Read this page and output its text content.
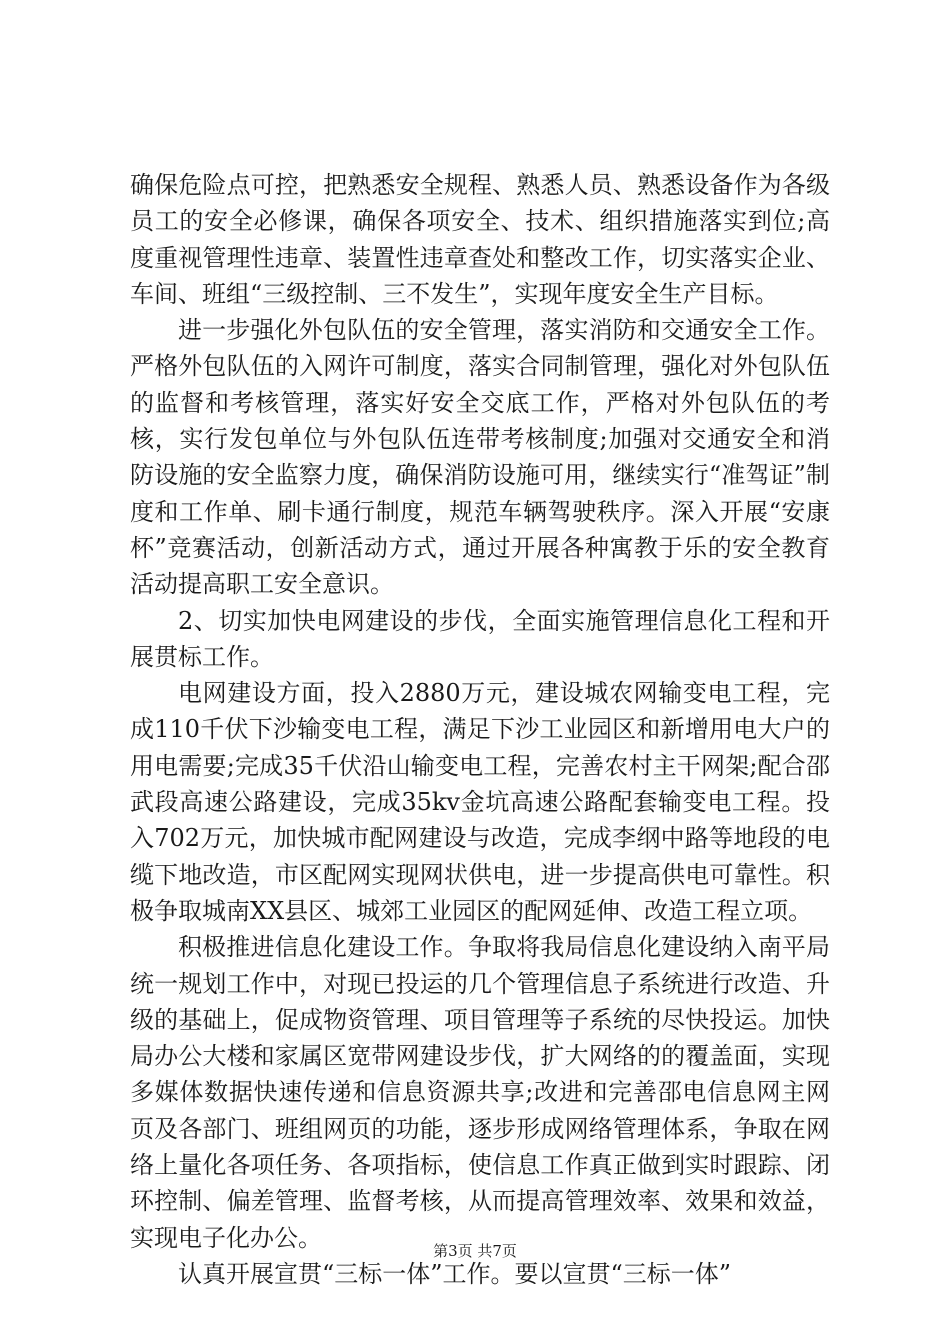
确保危险点可控，把熟悉安全规程、熟悉人员、熟悉设备作为各级员工的安全必修课，确保各项安全、技术、组织措施落实到位;高度重视管理性违章、装置性违章查处和整改工作，切实落实企业、车间、班组“三级控制、三不发生”，实现年度安全生产目标。

进一步强化外包队伍的安全管理，落实消防和交通安全工作。严格外包队伍的入网许可制度，落实合同制管理，强化对外包队伍的监督和考核管理，落实好安全交底工作，严格对外包队伍的考核，实行发包单位与外包队伍连带考核制度;加强对交通安全和消防设施的安全监察力度，确保消防设施可用，继续实行“准驾证”制度和工作单、刷卡通行制度，规范车辆驾驶秩序。深入开展“安康杯”竞赛活动，创新活动方式，通过开展各种寓教于乐的安全教育活动提高职工安全意识。

2、切实加快电网建设的步伐，全面实施管理信息化工程和开展贯标工作。

电网建设方面，投入2880万元，建设城农网输变电工程，完成110千伏下沙输变电工程，满足下沙工业园区和新增用电大户的用电需要;完成35千伏沿山输变电工程，完善农村主干网架;配合邵武段高速公路建设，完成35kv金坑高速公路配套输变电工程。投入702万元，加快城市配网建设与改造，完成李纲中路等地段的电缆下地改造，市区配网实现网状供电，进一步提高供电可靠性。积极争取城南XX县区、城郊工业园区的配网延伸、改造工程立项。

积极推进信息化建设工作。争取将我局信息化建设纳入南平局统一规划工作中，对现已投运的几个管理信息子系统进行改造、升级的基础上，促成物资管理、项目管理等子系统的尽快投运。加快局办公大楼和家属区宽带网建设步伐，扩大网络的的覆盖面，实现多媒体数据快速传递和信息资源共享;改进和完善邵电信息网主网页及各部门、班组网页的功能，逐步形成网络管理体系，争取在网络上量化各项任务、各项指标，使信息工作真正做到实时跟踪、闭环控制、偏差管理、监督考核，从而提高管理效率、效果和效益，实现电子化办公。

认真开展宣贯“三标一体”工作。要以宣贯“三标一体”

第3页 共7页
